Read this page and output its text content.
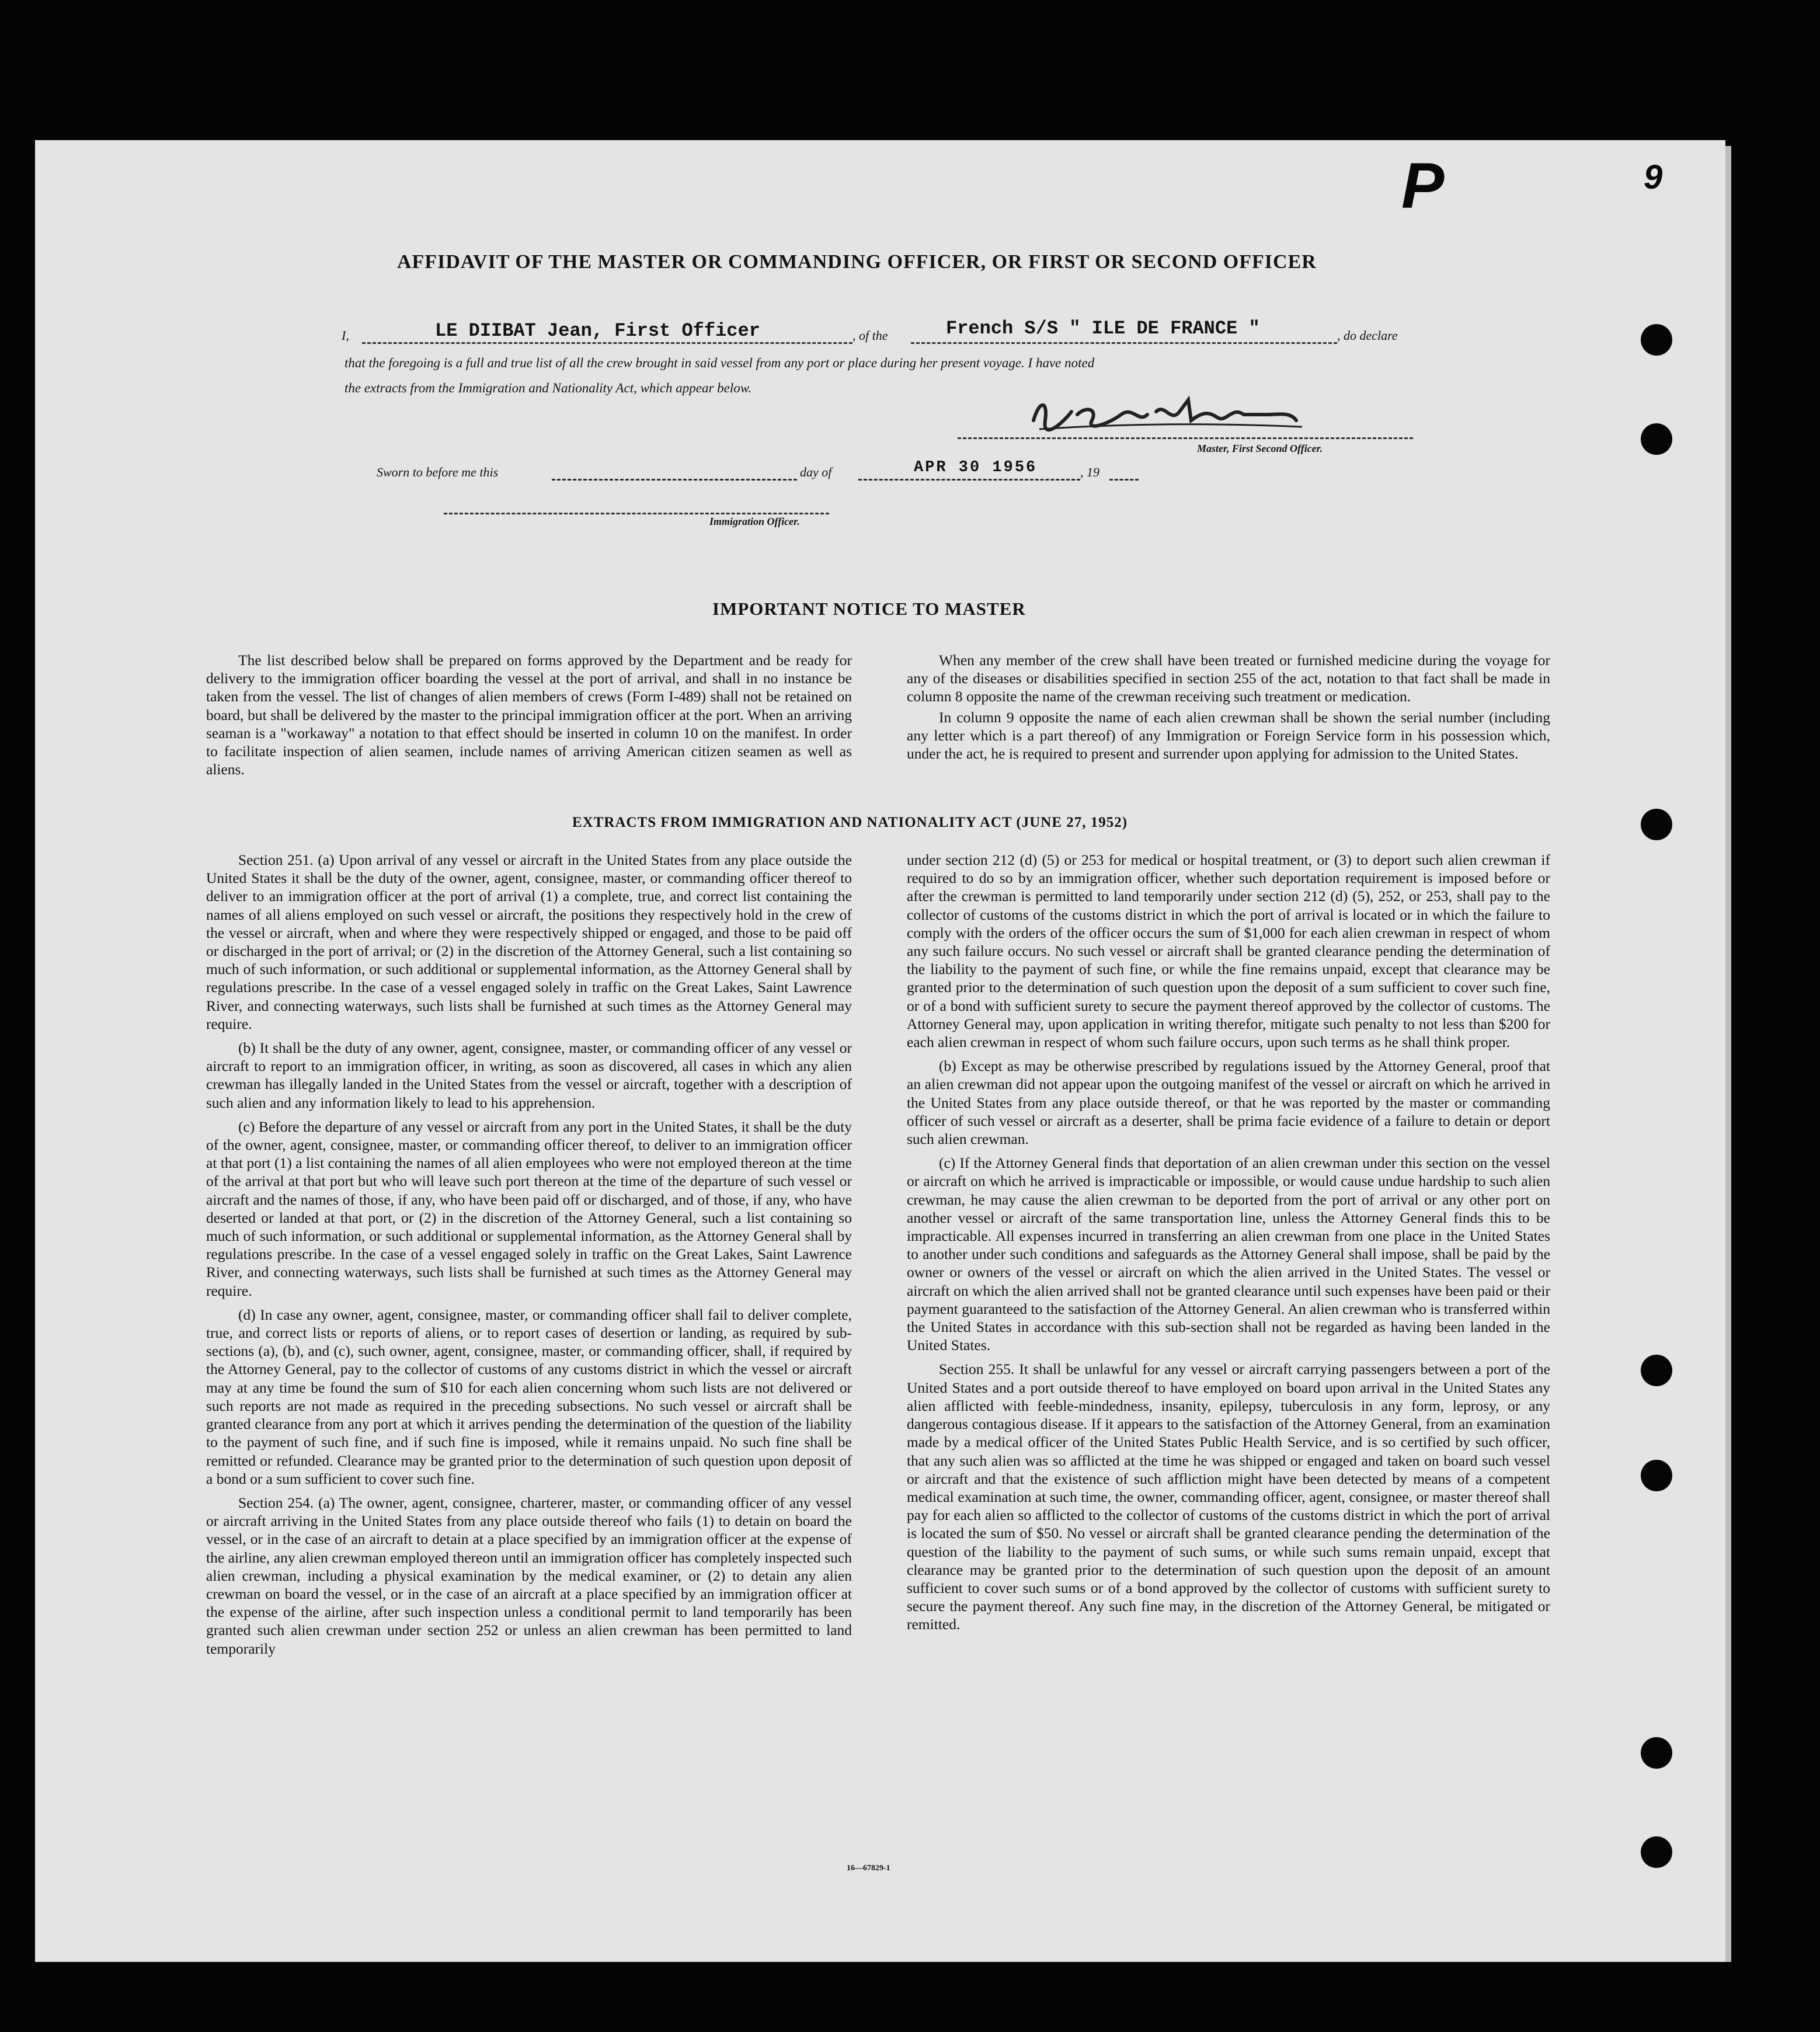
P	9
AFFIDAVIT OF THE MASTER OR COMMANDING OFFICER, OR FIRST OR SECOND OFFICER
I,	LE DIIBAT Jean, First Officer	, of the	French S/S " ILE DE FRANCE "	, do declare
that the foregoing is a full and true list of all the crew brought in said vessel from any port or place during her present voyage. I have noted
the extracts from the Immigration and Nationality Act, which appear below.
Master, First Second Officer.
Sworn to before me this	day of	APR 30 1956	, 19
Immigration Officer.
IMPORTANT NOTICE TO MASTER

The list described below shall be prepared on forms approved by the Department and be ready for delivery to the immigration officer boarding the vessel at the port of arrival, and shall in no instance be taken from the vessel. The list of changes of alien members of crews (Form I-489) shall not be retained on board, but shall be delivered by the master to the principal immigration officer at the port. When an arriving seaman is a "workaway" a notation to that effect should be inserted in column 10 on the manifest. In order to facilitate inspection of alien seamen, include names of arriving American citizen seamen as well as aliens.

When any member of the crew shall have been treated or furnished medicine during the voyage for any of the diseases or disabilities specified in section 255 of the act, notation to that fact shall be made in column 8 opposite the name of the crewman receiving such treatment or medication.

In column 9 opposite the name of each alien crewman shall be shown the serial number (including any letter which is a part thereof) of any Immigration or Foreign Service form in his possession which, under the act, he is required to present and surrender upon applying for admission to the United States.

EXTRACTS FROM IMMIGRATION AND NATIONALITY ACT (JUNE 27, 1952)

Section 251. (a) Upon arrival of any vessel or aircraft in the United States from any place outside the United States it shall be the duty of the owner, agent, consignee, master, or commanding officer thereof to deliver to an immigration officer at the port of arrival (1) a complete, true, and correct list containing the names of all aliens employed on such vessel or aircraft, the positions they respectively hold in the crew of the vessel or aircraft, when and where they were respectively shipped or engaged, and those to be paid off or discharged in the port of arrival; or (2) in the discretion of the Attorney General, such a list containing so much of such information, or such additional or supplemental information, as the Attorney General shall by regulations prescribe. In the case of a vessel engaged solely in traffic on the Great Lakes, Saint Lawrence River, and connecting waterways, such lists shall be furnished at such times as the Attorney General may require.

(b) It shall be the duty of any owner, agent, consignee, master, or commanding officer of any vessel or aircraft to report to an immigration officer, in writing, as soon as discovered, all cases in which any alien crewman has illegally landed in the United States from the vessel or aircraft, together with a description of such alien and any information likely to lead to his apprehension.

(c) Before the departure of any vessel or aircraft from any port in the United States, it shall be the duty of the owner, agent, consignee, master, or commanding officer thereof, to deliver to an immigration officer at that port (1) a list containing the names of all alien employees who were not employed thereon at the time of the arrival at that port but who will leave such port thereon at the time of the departure of such vessel or aircraft and the names of those, if any, who have been paid off or discharged, and of those, if any, who have deserted or landed at that port, or (2) in the discretion of the Attorney General, such a list containing so much of such information, or such additional or supplemental information, as the Attorney General shall by regulations prescribe. In the case of a vessel engaged solely in traffic on the Great Lakes, Saint Lawrence River, and connecting waterways, such lists shall be furnished at such times as the Attorney General may require.

(d) In case any owner, agent, consignee, master, or commanding officer shall fail to deliver complete, true, and correct lists or reports of aliens, or to report cases of desertion or landing, as required by sub-sections (a), (b), and (c), such owner, agent, consignee, master, or commanding officer, shall, if required by the Attorney General, pay to the collector of customs of any customs district in which the vessel or aircraft may at any time be found the sum of $10 for each alien concerning whom such lists are not delivered or such reports are not made as required in the preceding subsections. No such vessel or aircraft shall be granted clearance from any port at which it arrives pending the determination of the question of the liability to the payment of such fine, and if such fine is imposed, while it remains unpaid. No such fine shall be remitted or refunded. Clearance may be granted prior to the determination of such question upon deposit of a bond or a sum sufficient to cover such fine.

Section 254. (a) The owner, agent, consignee, charterer, master, or commanding officer of any vessel or aircraft arriving in the United States from any place outside thereof who fails (1) to detain on board the vessel, or in the case of an aircraft to detain at a place specified by an immigration officer at the expense of the airline, any alien crewman employed thereon until an immigration officer has completely inspected such alien crewman, including a physical examination by the medical examiner, or (2) to detain any alien crewman on board the vessel, or in the case of an aircraft at a place specified by an immigration officer at the expense of the airline, after such inspection unless a conditional permit to land temporarily has been granted such alien crewman under section 252 or unless an alien crewman has been permitted to land temporarily

under section 212 (d) (5) or 253 for medical or hospital treatment, or (3) to deport such alien crewman if required to do so by an immigration officer, whether such deportation requirement is imposed before or after the crewman is permitted to land temporarily under section 212 (d) (5), 252, or 253, shall pay to the collector of customs of the customs district in which the port of arrival is located or in which the failure to comply with the orders of the officer occurs the sum of $1,000 for each alien crewman in respect of whom any such failure occurs. No such vessel or aircraft shall be granted clearance pending the determination of the liability to the payment of such fine, or while the fine remains unpaid, except that clearance may be granted prior to the determination of such question upon the deposit of a sum sufficient to cover such fine, or of a bond with sufficient surety to secure the payment thereof approved by the collector of customs. The Attorney General may, upon application in writing therefor, mitigate such penalty to not less than $200 for each alien crewman in respect of whom such failure occurs, upon such terms as he shall think proper.

(b) Except as may be otherwise prescribed by regulations issued by the Attorney General, proof that an alien crewman did not appear upon the outgoing manifest of the vessel or aircraft on which he arrived in the United States from any place outside thereof, or that he was reported by the master or commanding officer of such vessel or aircraft as a deserter, shall be prima facie evidence of a failure to detain or deport such alien crewman.

(c) If the Attorney General finds that deportation of an alien crewman under this section on the vessel or aircraft on which he arrived is impracticable or impossible, or would cause undue hardship to such alien crewman, he may cause the alien crewman to be deported from the port of arrival or any other port on another vessel or aircraft of the same transportation line, unless the Attorney General finds this to be impracticable. All expenses incurred in transferring an alien crewman from one place in the United States to another under such conditions and safeguards as the Attorney General shall impose, shall be paid by the owner or owners of the vessel or aircraft on which the alien arrived in the United States. The vessel or aircraft on which the alien arrived shall not be granted clearance until such expenses have been paid or their payment guaranteed to the satisfaction of the Attorney General. An alien crewman who is transferred within the United States in accordance with this sub-section shall not be regarded as having been landed in the United States.

Section 255. It shall be unlawful for any vessel or aircraft carrying passengers between a port of the United States and a port outside thereof to have employed on board upon arrival in the United States any alien afflicted with feeble-mindedness, insanity, epilepsy, tuberculosis in any form, leprosy, or any dangerous contagious disease. If it appears to the satisfaction of the Attorney General, from an examination made by a medical officer of the United States Public Health Service, and is so certified by such officer, that any such alien was so afflicted at the time he was shipped or engaged and taken on board such vessel or aircraft and that the existence of such affliction might have been detected by means of a competent medical examination at such time, the owner, commanding officer, agent, consignee, or master thereof shall pay for each alien so afflicted to the collector of customs of the customs district in which the port of arrival is located the sum of $50. No vessel or aircraft shall be granted clearance pending the determination of the question of the liability to the payment of such sums, or while such sums remain unpaid, except that clearance may be granted prior to the determination of such question upon the deposit of an amount sufficient to cover such sums or of a bond approved by the collector of customs with sufficient surety to secure the payment thereof. Any such fine may, in the discretion of the Attorney General, be mitigated or remitted.

16—67829-1
